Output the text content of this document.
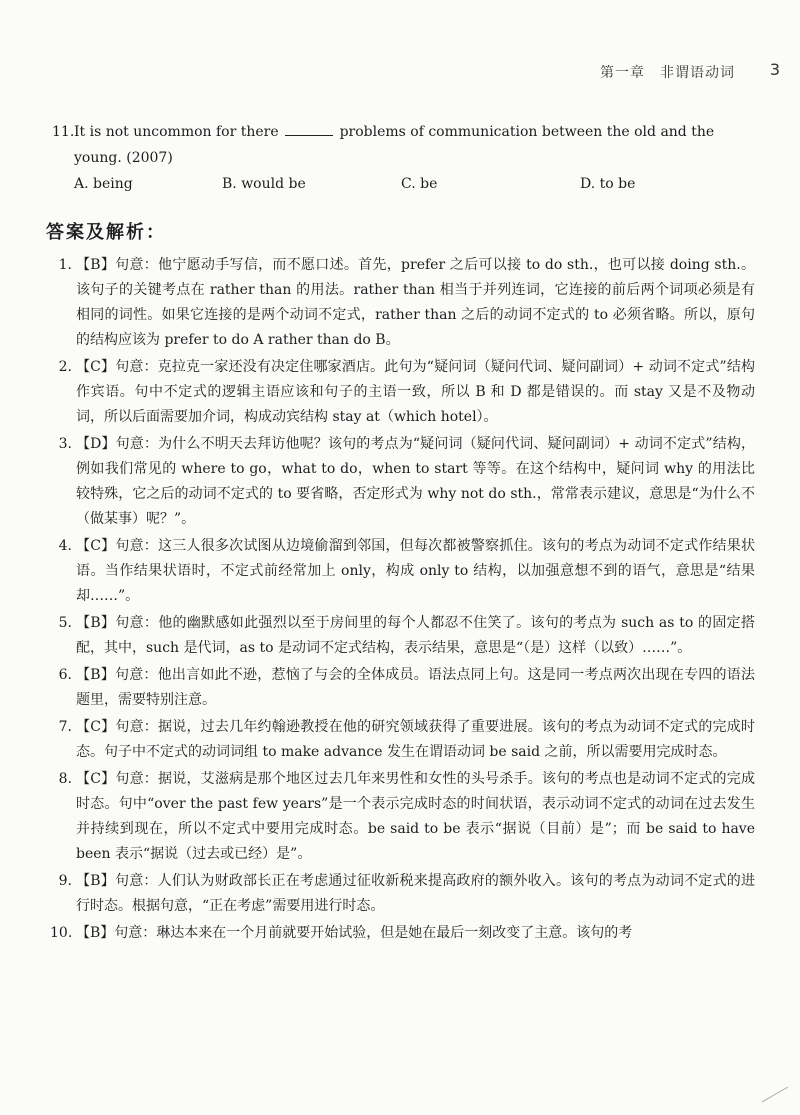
第一章　非谓语动词 3
11. It is not uncommon for there	problems of communication between the old and the young. (2007)
A. being	B. would be	C. be	D. to be
答案及解析：
1. 【B】句意：他宁愿动手写信，而不愿口述。首先，prefer 之后可以接 to do sth.，也可以接 doing sth.。该句子的关键考点在 rather than 的用法。rather than 相当于并列连词，它连接的前后两个词项必须是有相同的词性。如果它连接的是两个动词不定式，rather than 之后的动词不定式的 to 必须省略。所以，原句的结构应该为 prefer to do A rather than do B。
2. 【C】句意：克拉克一家还没有决定住哪家酒店。此句为“疑问词（疑问代词、疑问副词）+ 动词不定式”结构作宾语。句中不定式的逻辑主语应该和句子的主语一致，所以 B 和 D 都是错误的。而 stay 又是不及物动词，所以后面需要加介词，构成动宾结构 stay at（which hotel）。
3. 【D】句意：为什么不明天去拜访他呢？该句的考点为“疑问词（疑问代词、疑问副词）+ 动词不定式”结构，例如我们常见的 where to go，what to do，when to start 等等。在这个结构中，疑问词 why 的用法比较特殊，它之后的动词不定式的 to 要省略，否定形式为 why not do sth.，常常表示建议，意思是“为什么不（做某事）呢？”。
4. 【C】句意：这三人很多次试图从边境偷溜到邻国，但每次都被警察抓住。该句的考点为动词不定式作结果状语。当作结果状语时，不定式前经常加上 only，构成 only to 结构，以加强意想不到的语气，意思是“结果却……”。
5. 【B】句意：他的幽默感如此强烈以至于房间里的每个人都忍不住笑了。该句的考点为 such as to 的固定搭配，其中，such 是代词，as to 是动词不定式结构，表示结果，意思是“（是）这样（以致）……”。
6. 【B】句意：他出言如此不逊，惹恼了与会的全体成员。语法点同上句。这是同一考点两次出现在专四的语法题里，需要特别注意。
7. 【C】句意：据说，过去几年约翰逊教授在他的研究领域获得了重要进展。该句的考点为动词不定式的完成时态。句子中不定式的动词词组 to make advance 发生在谓语动词 be said 之前，所以需要用完成时态。
8. 【C】句意：据说，艾滋病是那个地区过去几年来男性和女性的头号杀手。该句的考点也是动词不定式的完成时态。句中“over the past few years”是一个表示完成时态的时间状语，表示动词不定式的动词在过去发生并持续到现在，所以不定式中要用完成时态。be said to be 表示“据说（目前）是”；而 be said to have been 表示“据说（过去或已经）是”。
9. 【B】句意：人们认为财政部长正在考虑通过征收新税来提高政府的额外收入。该句的考点为动词不定式的进行时态。根据句意，“正在考虑”需要用进行时态。
10. 【B】句意：琳达本来在一个月前就要开始试验，但是她在最后一刻改变了主意。该句的考
